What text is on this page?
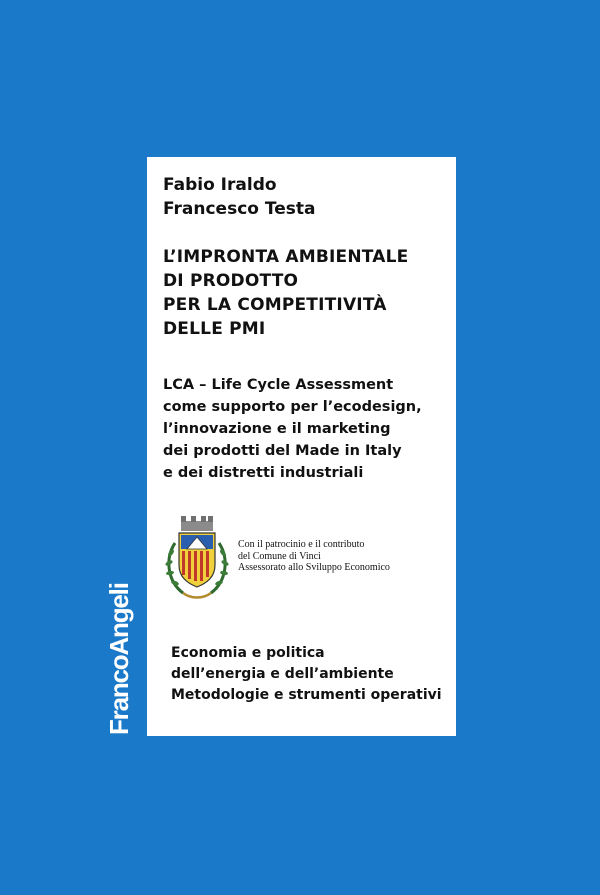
FrancoAngeli
Fabio Iraldo
Francesco Testa
L’IMPRONTA AMBIENTALE
DI PRODOTTO
PER LA COMPETITIVITÀ
DELLE PMI
LCA – Life Cycle Assessment
come supporto per l’ecodesign,
l’innovazione e il marketing
dei prodotti del Made in Italy
e dei distretti industriali
Con il patrocinio e il contributo
del Comune di Vinci
Assessorato allo Sviluppo Economico
Economia e politica
dell’energia e dell’ambiente
Metodologie e strumenti operativi
